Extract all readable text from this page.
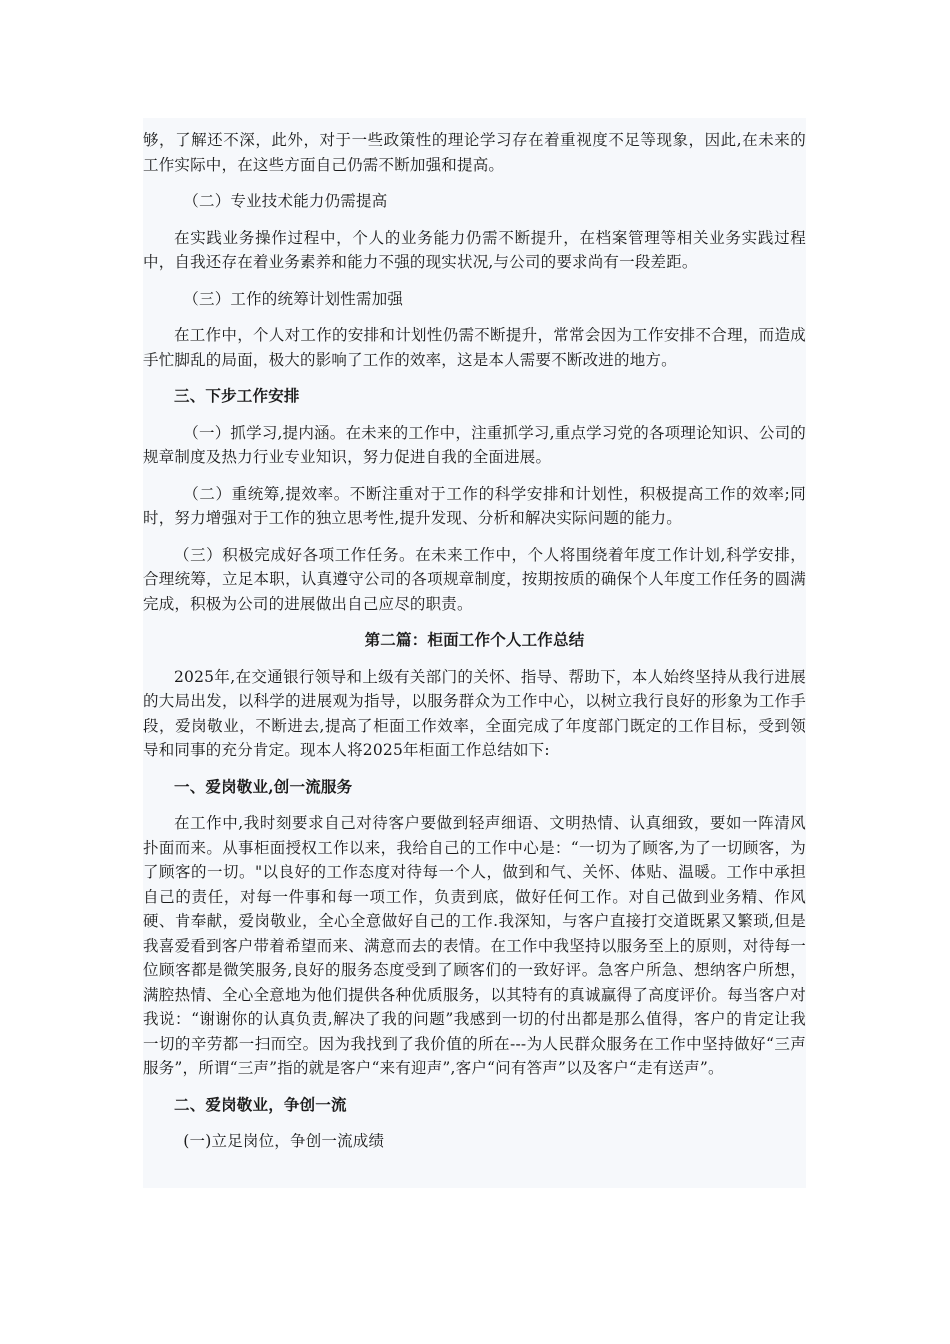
够，了解还不深，此外，对于一些政策性的理论学习存在着重视度不足等现象，因此,在未来的工作实际中，在这些方面自己仍需不断加强和提高。

（二）专业技术能力仍需提高

在实践业务操作过程中，个人的业务能力仍需不断提升，在档案管理等相关业务实践过程中，自我还存在着业务素养和能力不强的现实状况,与公司的要求尚有一段差距。

（三）工作的统筹计划性需加强

在工作中，个人对工作的安排和计划性仍需不断提升，常常会因为工作安排不合理，而造成手忙脚乱的局面，极大的影响了工作的效率，这是本人需要不断改进的地方。

三、下步工作安排

（一）抓学习,提内涵。在未来的工作中，注重抓学习,重点学习党的各项理论知识、公司的规章制度及热力行业专业知识，努力促进自我的全面进展。

（二）重统筹,提效率。不断注重对于工作的科学安排和计划性，积极提高工作的效率;同时，努力增强对于工作的独立思考性,提升发现、分析和解决实际问题的能力。

（三）积极完成好各项工作任务。在未来工作中，个人将围绕着年度工作计划,科学安排，合理统筹，立足本职，认真遵守公司的各项规章制度，按期按质的确保个人年度工作任务的圆满完成，积极为公司的进展做出自己应尽的职责。

第二篇：柜面工作个人工作总结

2025年,在交通银行领导和上级有关部门的关怀、指导、帮助下，本人始终坚持从我行进展的大局出发，以科学的进展观为指导，以服务群众为工作中心，以树立我行良好的形象为工作手段，爱岗敬业，不断进去,提高了柜面工作效率，全面完成了年度部门既定的工作目标，受到领导和同事的充分肯定。现本人将2025年柜面工作总结如下:

一、爱岗敬业,创一流服务

在工作中,我时刻要求自己对待客户要做到轻声细语、文明热情、认真细致，要如一阵清风扑面而来。从事柜面授权工作以来，我给自己的工作中心是：“一切为了顾客,为了一切顾客，为了顾客的一切。"以良好的工作态度对待每一个人，做到和气、关怀、体贴、温暖。工作中承担自己的责任，对每一件事和每一项工作，负责到底，做好任何工作。对自己做到业务精、作风硬、肯奉献，爱岗敬业，全心全意做好自己的工作.我深知，与客户直接打交道既累又繁琐,但是我喜爱看到客户带着希望而来、满意而去的表情。在工作中我坚持以服务至上的原则，对待每一位顾客都是微笑服务,良好的服务态度受到了顾客们的一致好评。急客户所急、想纳客户所想，满腔热情、全心全意地为他们提供各种优质服务，以其特有的真诚赢得了高度评价。每当客户对我说：“谢谢你的认真负责,解决了我的问题”我感到一切的付出都是那么值得，客户的肯定让我一切的辛劳都一扫而空。因为我找到了我价值的所在---为人民群众服务在工作中坚持做好“三声服务”，所谓“三声”指的就是客户“来有迎声”,客户“问有答声”以及客户“走有送声”。

二、爱岗敬业，争创一流

(一)立足岗位，争创一流成绩
